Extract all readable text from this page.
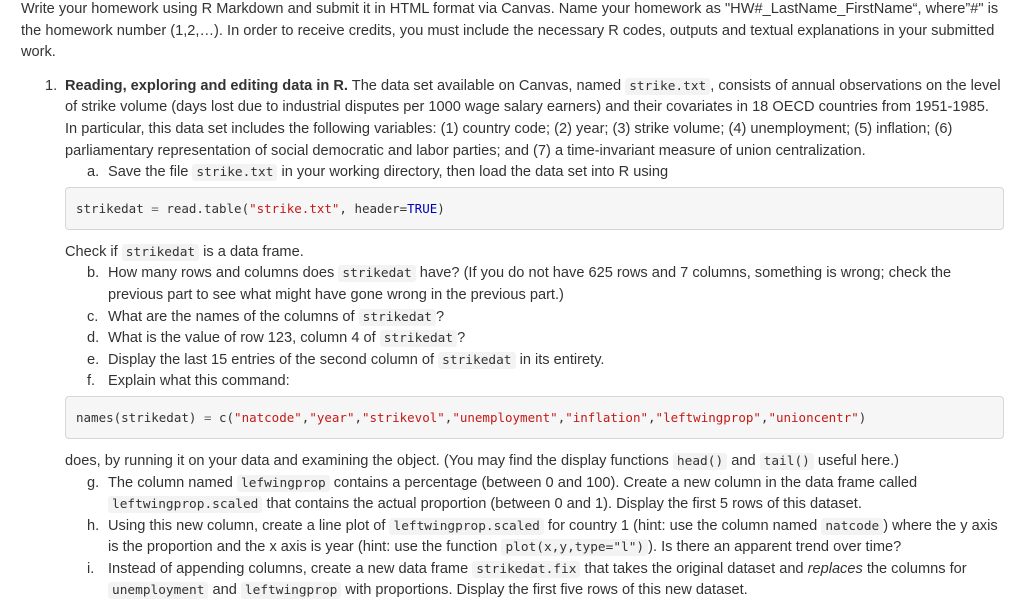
Write your homework using R Markdown and submit it in HTML format via Canvas. Name your homework as "HW#_LastName_FirstName“, where”#" is the homework number (1,2,…). In order to receive credits, you must include the necessary R codes, outputs and textual explanations in your submitted work.

1. Reading, exploring and editing data in R. The data set available on Canvas, named strike.txt , consists of annual observations on the level of strike volume (days lost due to industrial disputes per 1000 wage salary earners) and their covariates in 18 OECD countries from 1951-1985. In particular, this data set includes the following variables: (1) country code; (2) year; (3) strike volume; (4) unemployment; (5) inflation; (6) parliamentary representation of social democratic and labor parties; and (7) a time-invariant measure of union centralization.

a. Save the file strike.txt in your working directory, then load the data set into R using
strikedat = read.table("strike.txt", header=TRUE)

Check if strikedat is a data frame.

b. How many rows and columns does strikedat have? (If you do not have 625 rows and 7 columns, something is wrong; check the previous part to see what might have gone wrong in the previous part.)
c. What are the names of the columns of strikedat ?
d. What is the value of row 123, column 4 of strikedat ?
e. Display the last 15 entries of the second column of strikedat in its entirety.
f. Explain what this command:
names(strikedat) = c("natcode","year","strikevol","unemployment","inflation","leftwingprop","unioncentr")

does, by running it on your data and examining the object. (You may find the display functions head() and tail() useful here.)

g. The column named lefwingprop contains a percentage (between 0 and 100). Create a new column in the data frame called leftwingprop.scaled that contains the actual proportion (between 0 and 1). Display the first 5 rows of this dataset.
h. Using this new column, create a line plot of leftwingprop.scaled for country 1 (hint: use the column named natcode ) where the y axis is the proportion and the x axis is year (hint: use the function plot(x,y,type="l") ). Is there an apparent trend over time?
i. Instead of appending columns, create a new data frame strikedat.fix that takes the original dataset and replaces the columns for unemployment and leftwingprop with proportions. Display the first five rows of this new dataset.
